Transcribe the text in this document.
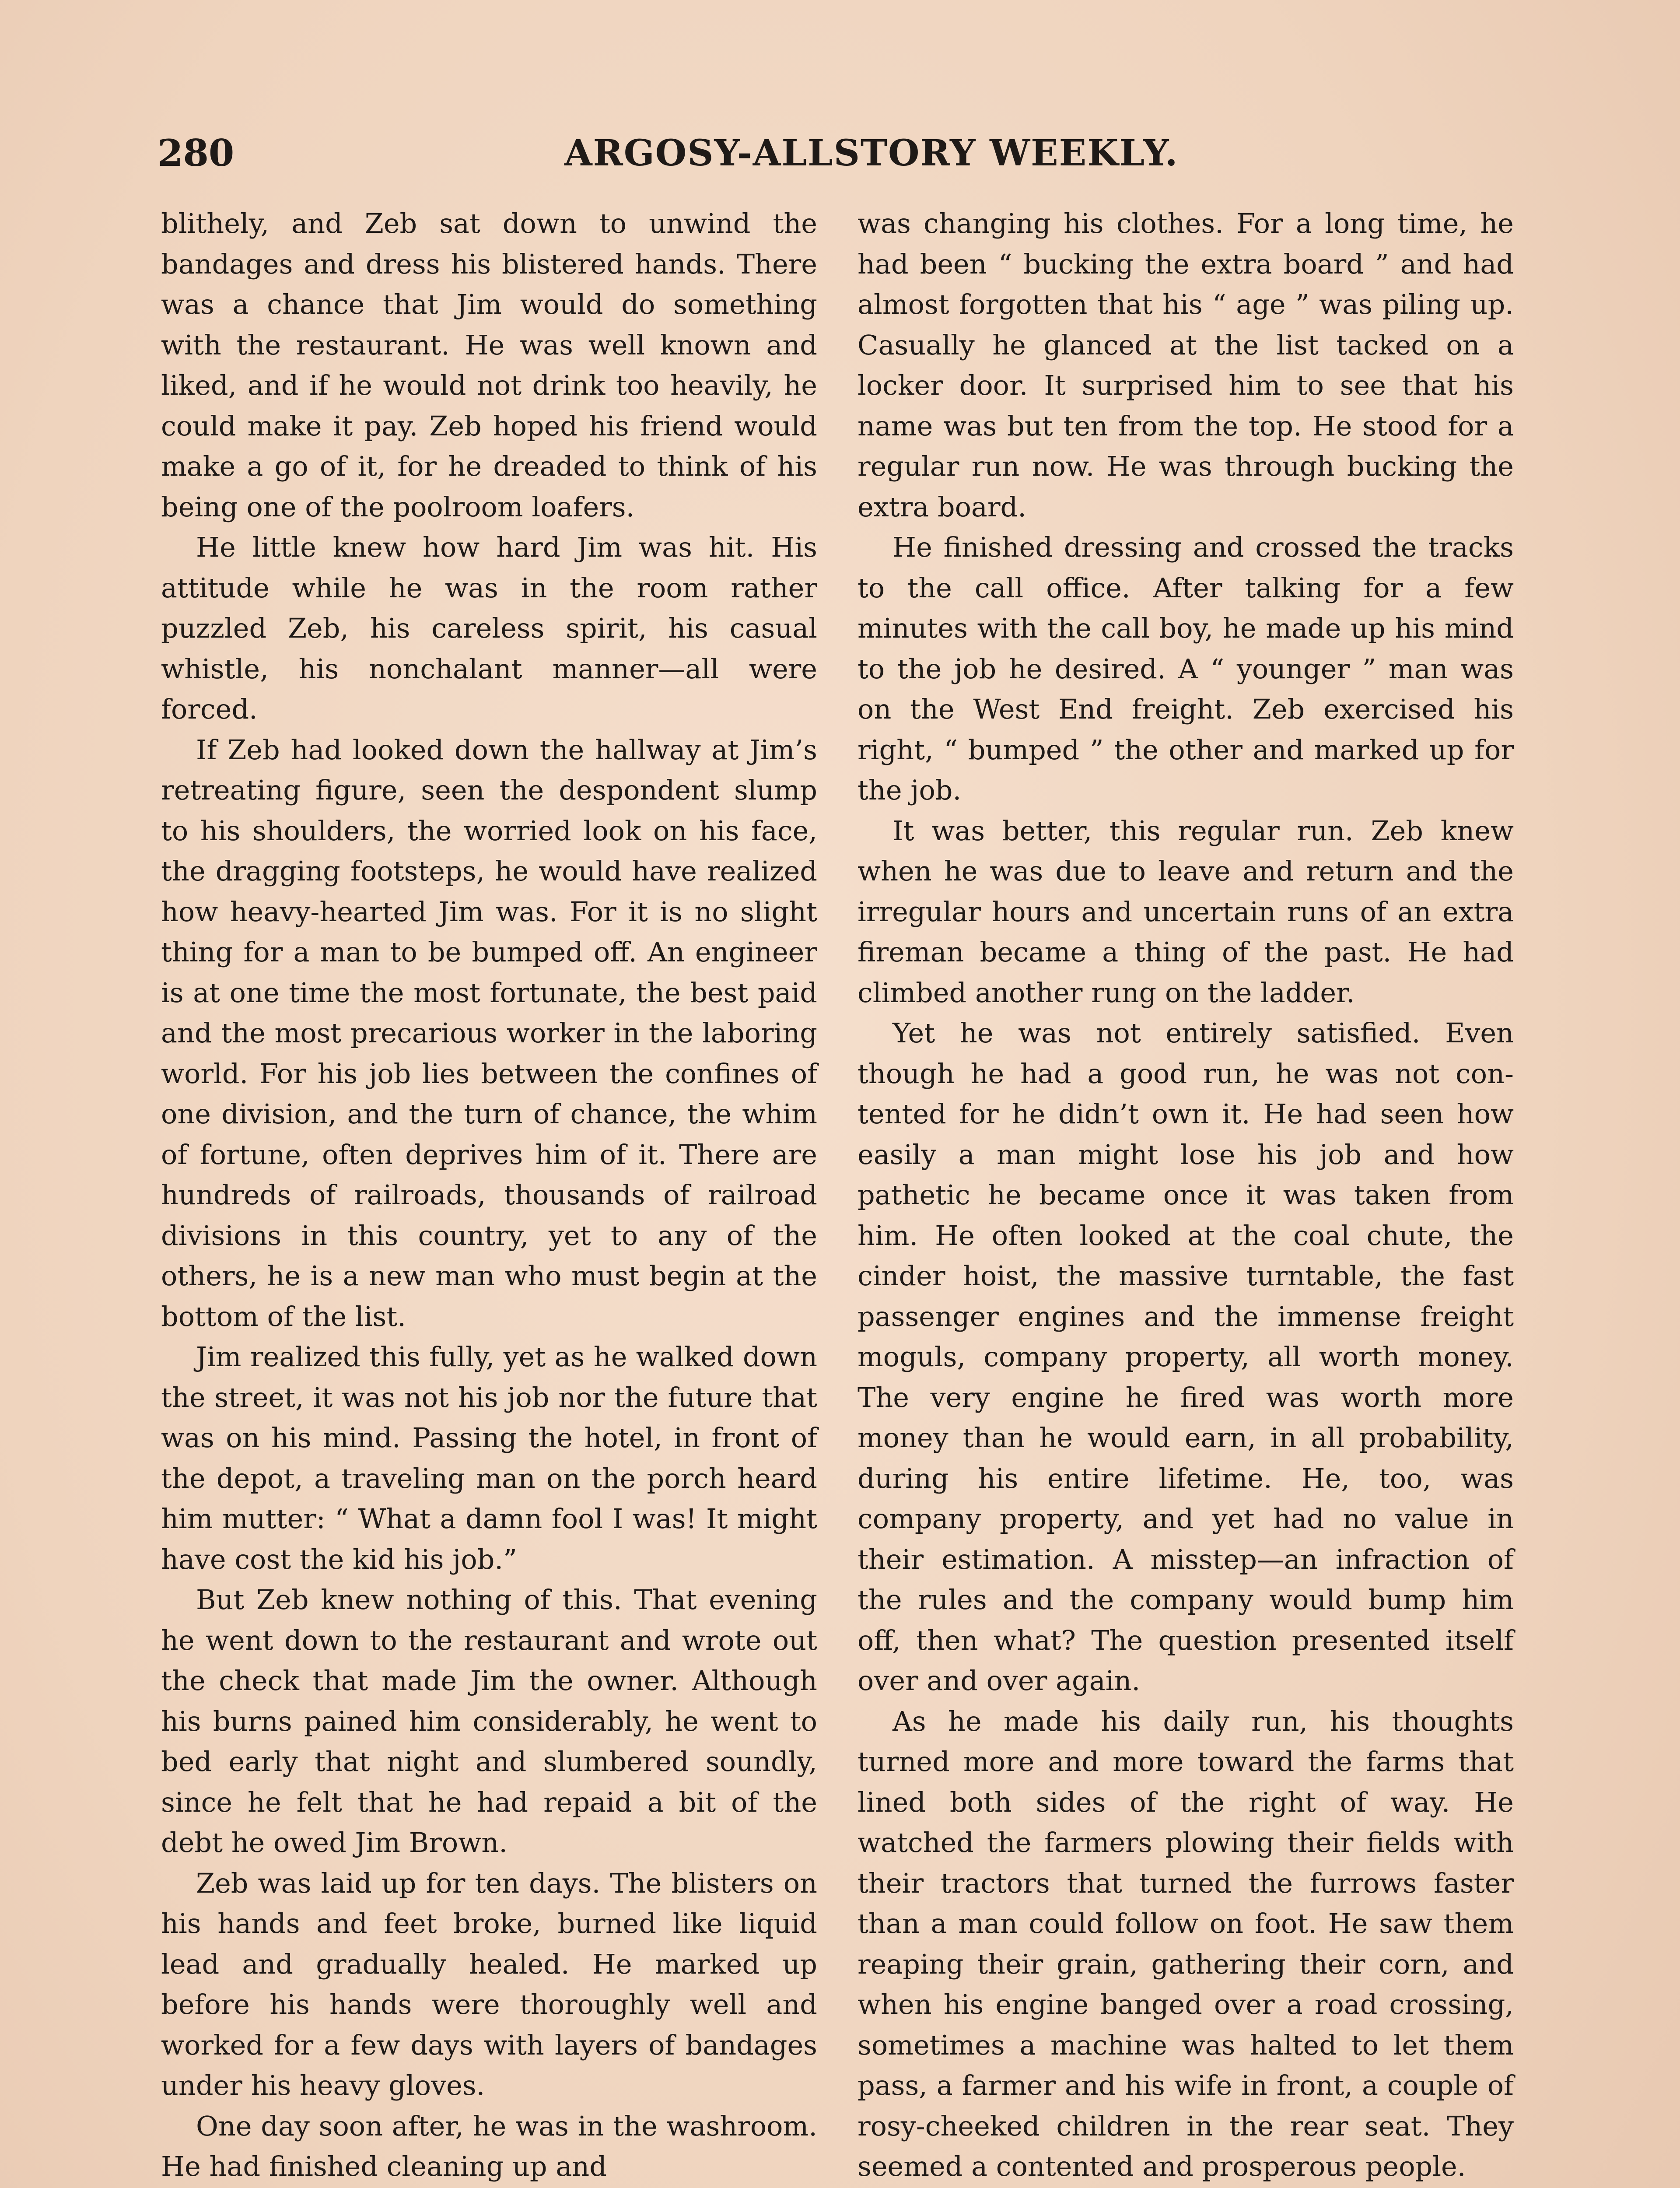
280	ARGOSY-ALLSTORY WEEKLY.

blithely, and Zeb sat down to unwind the bandages and dress his blistered hands. There was a chance that Jim would do something with the restaurant. He was well known and liked, and if he would not drink too heavily, he could make it pay. Zeb hoped his friend would make a go of it, for he dreaded to think of his being one of the poolroom loafers.

He little knew how hard Jim was hit. His attitude while he was in the room rather puzzled Zeb, his careless spirit, his casual whistle, his nonchalant manner—all were forced.

If Zeb had looked down the hallway at Jim’s retreating figure, seen the despondent slump to his shoulders, the worried look on his face, the dragging footsteps, he would have realized how heavy-hearted Jim was. For it is no slight thing for a man to be bumped off. An engineer is at one time the most fortunate, the best paid and the most precarious worker in the laboring world. For his job lies between the confines of one division, and the turn of chance, the whim of fortune, often deprives him of it. There are hundreds of railroads, thousands of railroad divisions in this country, yet to any of the others, he is a new man who must begin at the bottom of the list.

Jim realized this fully, yet as he walked down the street, it was not his job nor the future that was on his mind. Passing the hotel, in front of the depot, a traveling man on the porch heard him mutter: “ What a damn fool I was! It might have cost the kid his job.”

But Zeb knew nothing of this. That evening he went down to the restaurant and wrote out the check that made Jim the owner. Although his burns pained him considerably, he went to bed early that night and slumbered soundly, since he felt that he had repaid a bit of the debt he owed Jim Brown.

Zeb was laid up for ten days. The blisters on his hands and feet broke, burned like liquid lead and gradually healed. He marked up before his hands were thoroughly well and worked for a few days with layers of bandages under his heavy gloves.

One day soon after, he was in the washroom. He had finished cleaning up and

was changing his clothes. For a long time, he had been “ bucking the extra board ” and had almost forgotten that his “ age ” was piling up. Casually he glanced at the list tacked on a locker door. It surprised him to see that his name was but ten from the top. He stood for a regular run now. He was through bucking the extra board.

He finished dressing and crossed the tracks to the call office. After talking for a few minutes with the call boy, he made up his mind to the job he desired. A “ younger ” man was on the West End freight. Zeb exercised his right, “ bumped ” the other and marked up for the job.

It was better, this regular run. Zeb knew when he was due to leave and return and the irregular hours and uncertain runs of an extra fireman became a thing of the past. He had climbed another rung on the ladder.

Yet he was not entirely satisfied. Even though he had a good run, he was not contented for he didn’t own it. He had seen how easily a man might lose his job and how pathetic he became once it was taken from him. He often looked at the coal chute, the cinder hoist, the massive turntable, the fast passenger engines and the immense freight moguls, company property, all worth money. The very engine he fired was worth more money than he would earn, in all probability, during his entire lifetime. He, too, was company property, and yet had no value in their estimation. A misstep—an infraction of the rules and the company would bump him off, then what? The question presented itself over and over again.

As he made his daily run, his thoughts turned more and more toward the farms that lined both sides of the right of way. He watched the farmers plowing their fields with their tractors that turned the furrows faster than a man could follow on foot. He saw them reaping their grain, gathering their corn, and when his engine banged over a road crossing, sometimes a machine was halted to let them pass, a farmer and his wife in front, a couple of rosy-cheeked children in the rear seat. They seemed a contented and prosperous people.
